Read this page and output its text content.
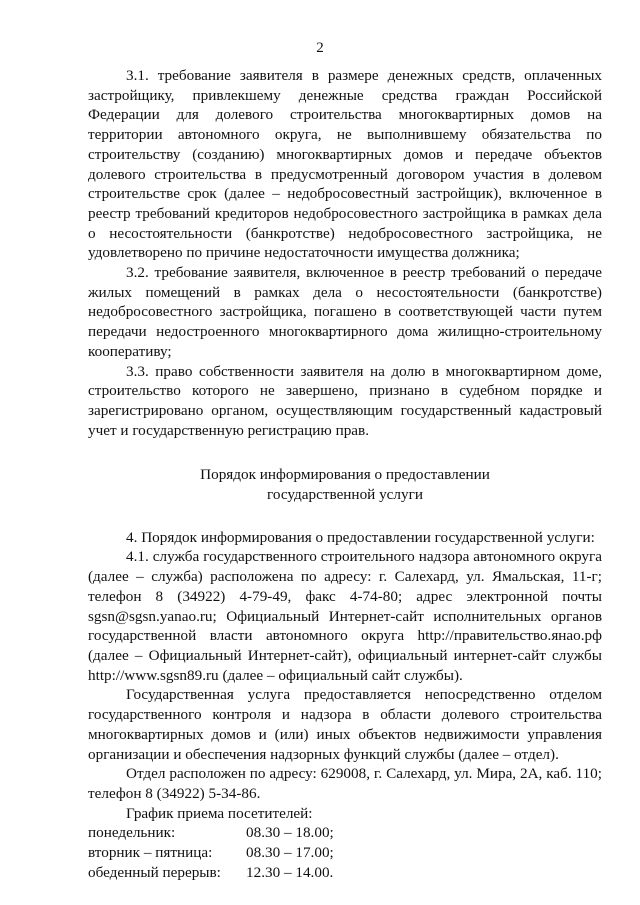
2

3.1. требование заявителя в размере денежных средств, оплаченных застройщику, привлекшему денежные средства граждан Российской Федерации для долевого строительства многоквартирных домов на территории автономного округа, не выполнившему обязательства по строительству (созданию) многоквартирных домов и передаче объектов долевого строительства в предусмотренный договором участия в долевом строительстве срок (далее – недобросовестный застройщик), включенное в реестр требований кредиторов недобросовестного застройщика в рамках дела о несостоятельности (банкротстве) недобросовестного застройщика, не удовлетворено по причине недостаточности имущества должника;

3.2. требование заявителя, включенное в реестр требований о передаче жилых помещений в рамках дела о несостоятельности (банкротстве) недобросовестного застройщика, погашено в соответствующей части путем передачи недостроенного многоквартирного дома жилищно-строительному кооперативу;

3.3. право собственности заявителя на долю в многоквартирном доме, строительство которого не завершено, признано в судебном порядке и зарегистрировано органом, осуществляющим государственный кадастровый учет и государственную регистрацию прав.

Порядок информирования о предоставлении
государственной услуги

4. Порядок информирования о предоставлении государственной услуги:

4.1. служба государственного строительного надзора автономного округа (далее – служба) расположена по адресу: г. Салехард, ул. Ямальская, 11-г; телефон 8 (34922) 4-79-49, факс 4-74-80; адрес электронной почты sgsn@sgsn.yanao.ru; Официальный Интернет-сайт исполнительных органов государственной власти автономного округа http://правительство.янао.рф (далее – Официальный Интернет-сайт), официальный интернет-сайт службы http://www.sgsn89.ru (далее – официальный сайт службы).

Государственная услуга предоставляется непосредственно отделом государственного контроля и надзора в области долевого строительства многоквартирных домов и (или) иных объектов недвижимости управления организации и обеспечения надзорных функций службы (далее – отдел).

Отдел расположен по адресу: 629008, г. Салехард, ул. Мира, 2А, каб. 110; телефон 8 (34922) 5-34-86.

График приема посетителей:
понедельник:	08.30 – 18.00;
вторник – пятница:	08.30 – 17.00;
обеденный перерыв:	12.30 – 14.00.
